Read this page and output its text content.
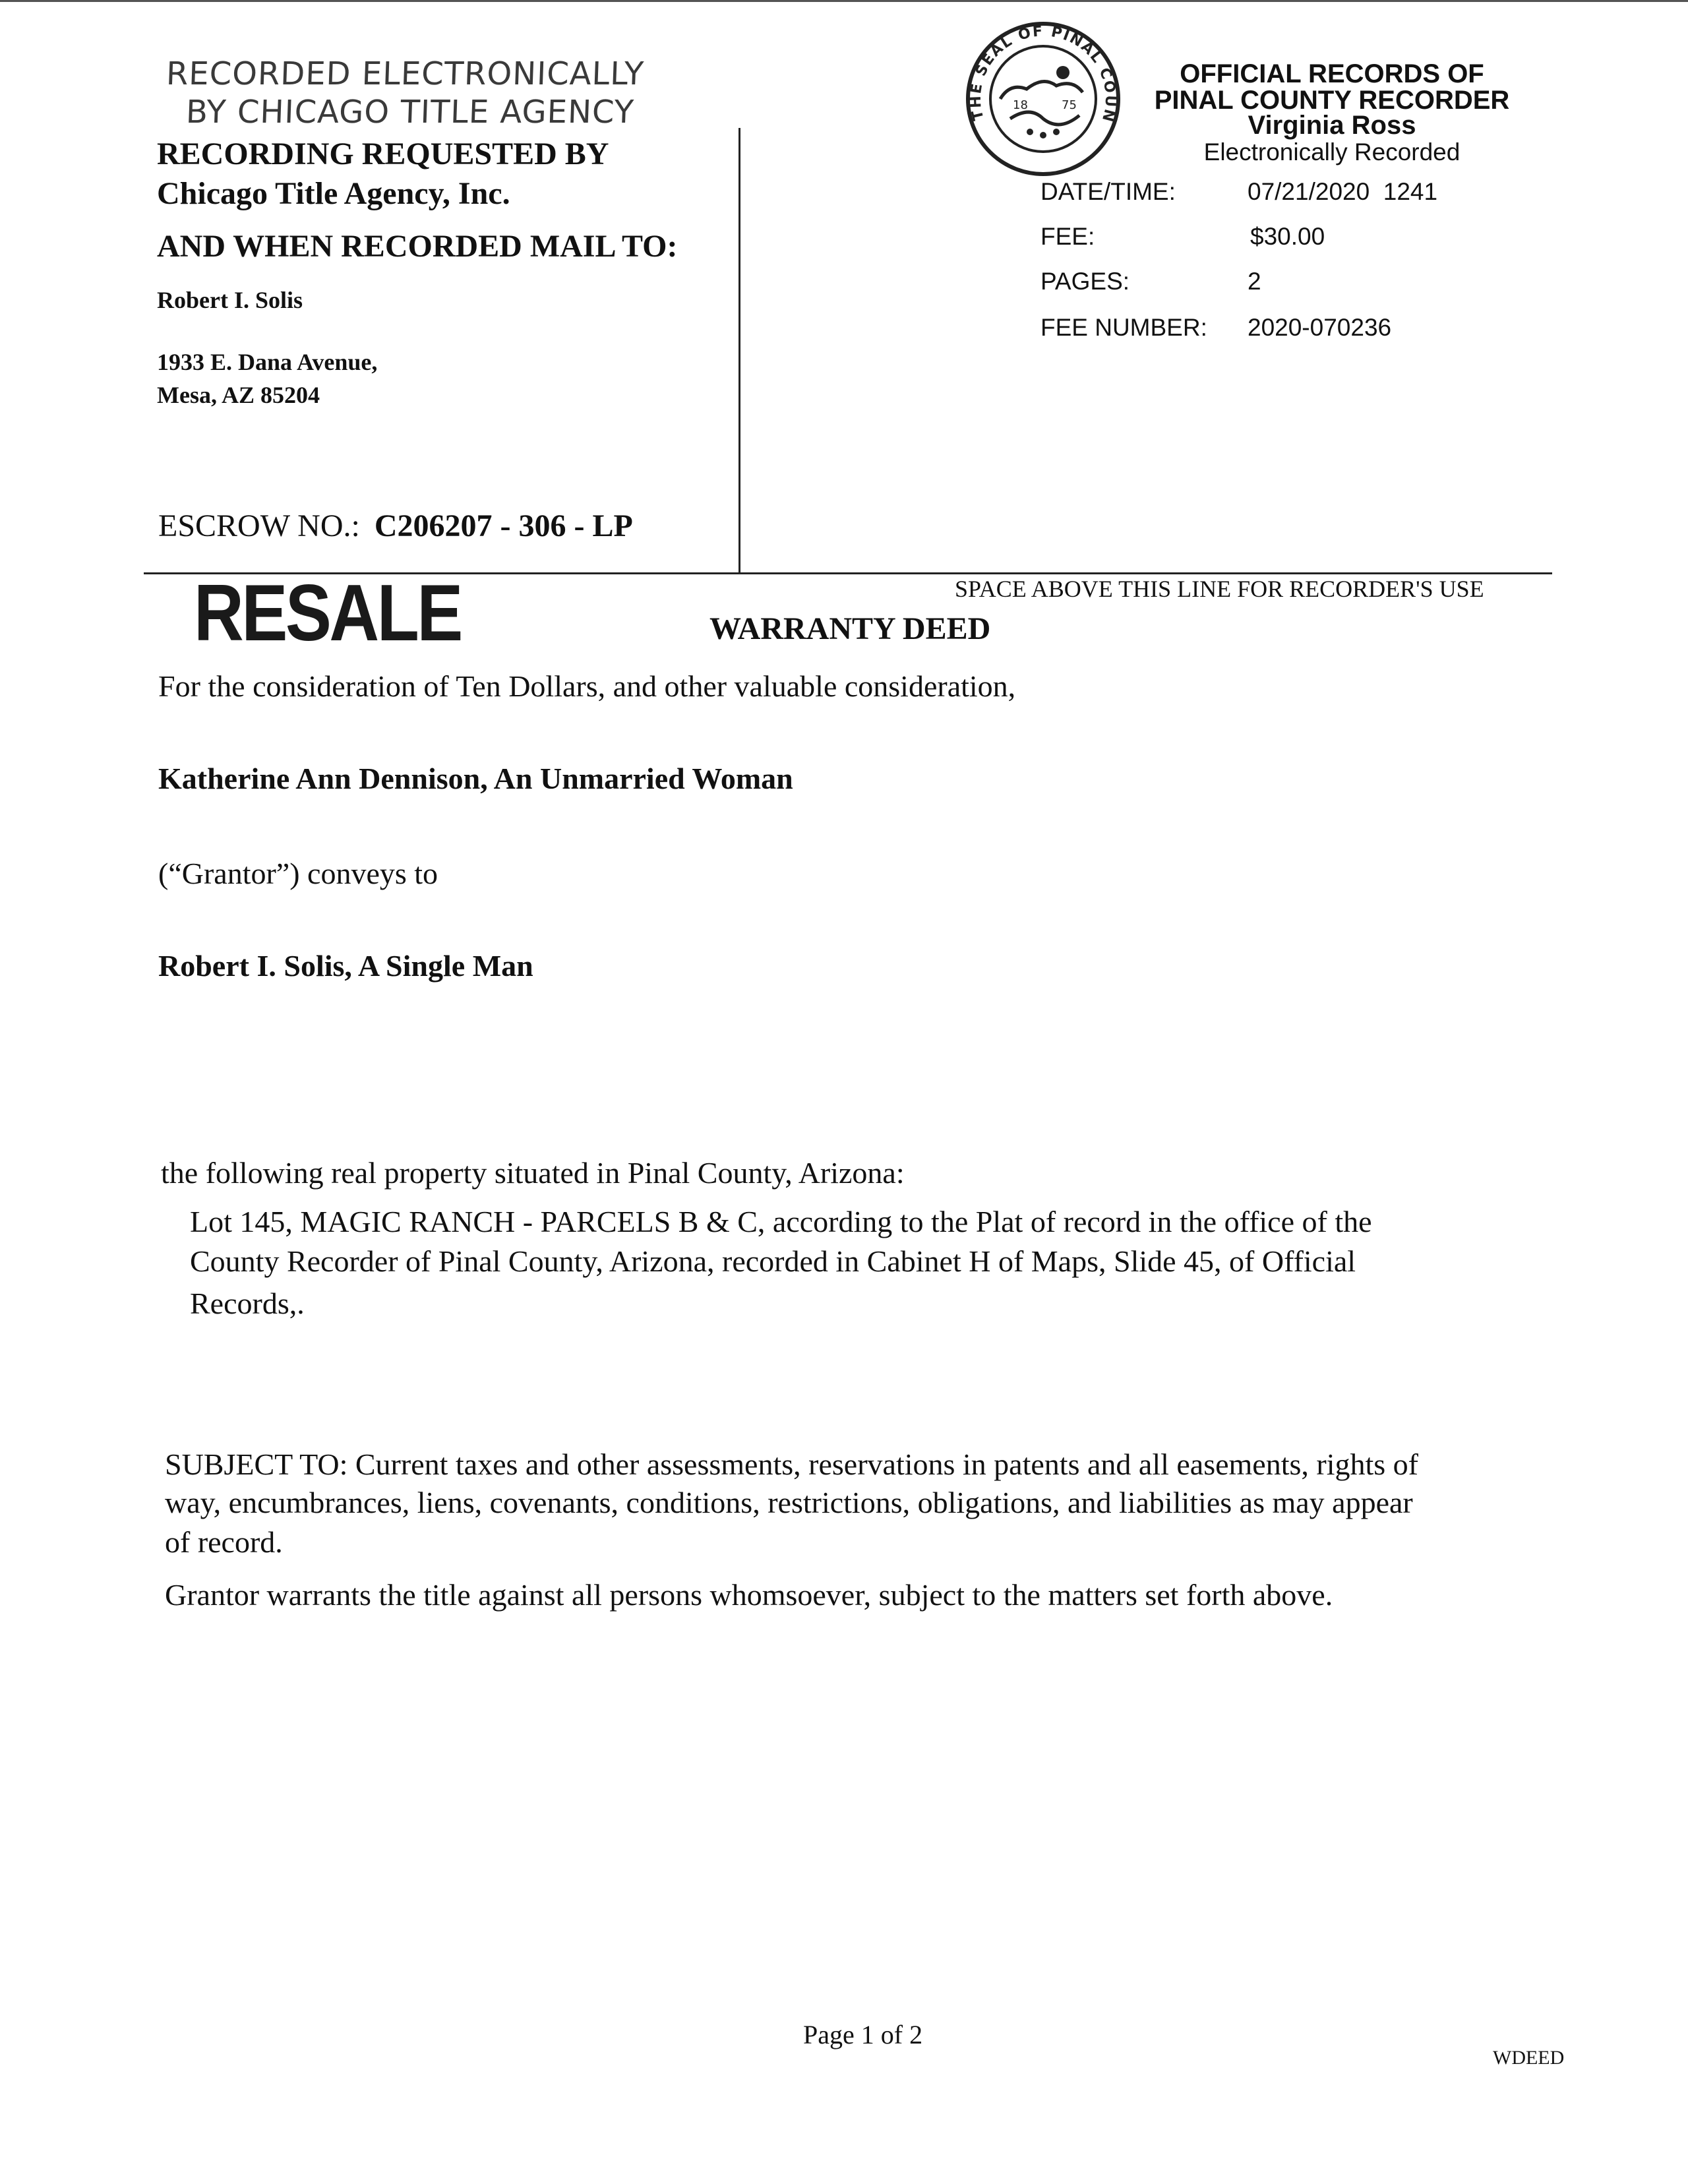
RECORDED ELECTRONICALLY
BY CHICAGO TITLE AGENCY
RECORDING REQUESTED BY
Chicago Title Agency, Inc.
AND WHEN RECORDED MAIL TO:
Robert I. Solis
1933 E. Dana Avenue,
Mesa, AZ 85204
ESCROW NO.: C206207 - 306 - LP
18	75
THE SEAL OF PINAL COUN
OFFICIAL RECORDS OF
PINAL COUNTY RECORDER
Virginia Ross
Electronically Recorded
DATE/TIME:	07/21/2020  1241
FEE:	$30.00
PAGES:	2
FEE NUMBER: 2020-070236
SPACE ABOVE THIS LINE FOR RECORDER'S USE
RESALE	WARRANTY DEED
For the consideration of Ten Dollars, and other valuable consideration,
Katherine Ann Dennison, An Unmarried Woman
(“Grantor”) conveys to
Robert I. Solis, A Single Man
the following real property situated in Pinal County, Arizona:
Lot 145, MAGIC RANCH - PARCELS B & C, according to the Plat of record in the office of the
County Recorder of Pinal County, Arizona, recorded in Cabinet H of Maps, Slide 45, of Official
Records,.
SUBJECT TO: Current taxes and other assessments, reservations in patents and all easements, rights of
way, encumbrances, liens, covenants, conditions, restrictions, obligations, and liabilities as may appear
of record.
Grantor warrants the title against all persons whomsoever, subject to the matters set forth above.
Page 1 of 2
WDEED
